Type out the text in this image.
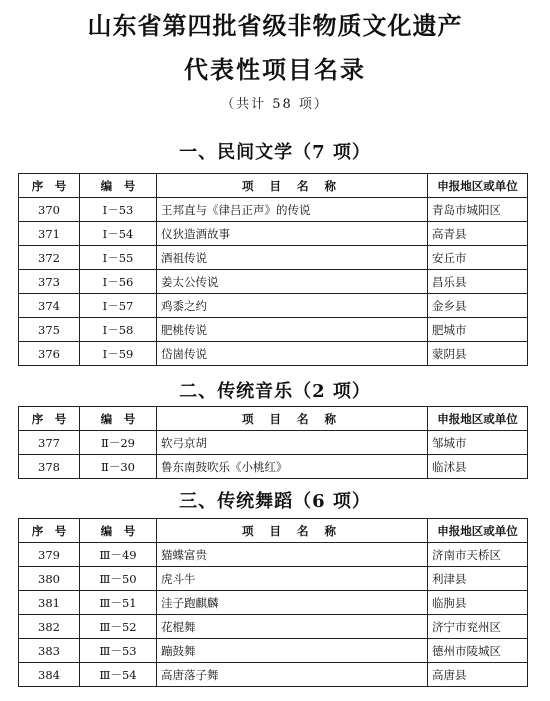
山东省第四批省级非物质文化遗产
代表性项目名录
（共计 58 项）
一、民间文学（7 项）
序　号	编　号	项 目 名 称	申报地区或单位
370	Ⅰ－53	王邦直与《律吕正声》的传说	青岛市城阳区
371	Ⅰ－54	仪狄造酒故事	高青县
372	Ⅰ－55	酒祖传说	安丘市
373	Ⅰ－56	姜太公传说	昌乐县
374	Ⅰ－57	鸡黍之约	金乡县
375	Ⅰ－58	肥桃传说	肥城市
376	Ⅰ－59	岱崮传说	蒙阴县
二、传统音乐（2 项）
序　号	编　号	项 目 名 称	申报地区或单位
377	Ⅱ－29	软弓京胡	邹城市
378	Ⅱ－30	鲁东南鼓吹乐《小桃红》	临沭县
三、传统舞蹈（6 项）
序　号	编　号	项 目 名 称	申报地区或单位
379	Ⅲ－49	猫蝶富贵	济南市天桥区
380	Ⅲ－50	虎斗牛	利津县
381	Ⅲ－51	洼子跑麒麟	临朐县
382	Ⅲ－52	花棍舞	济宁市兖州区
383	Ⅲ－53	蹦鼓舞	德州市陵城区
384	Ⅲ－54	高唐落子舞	高唐县
